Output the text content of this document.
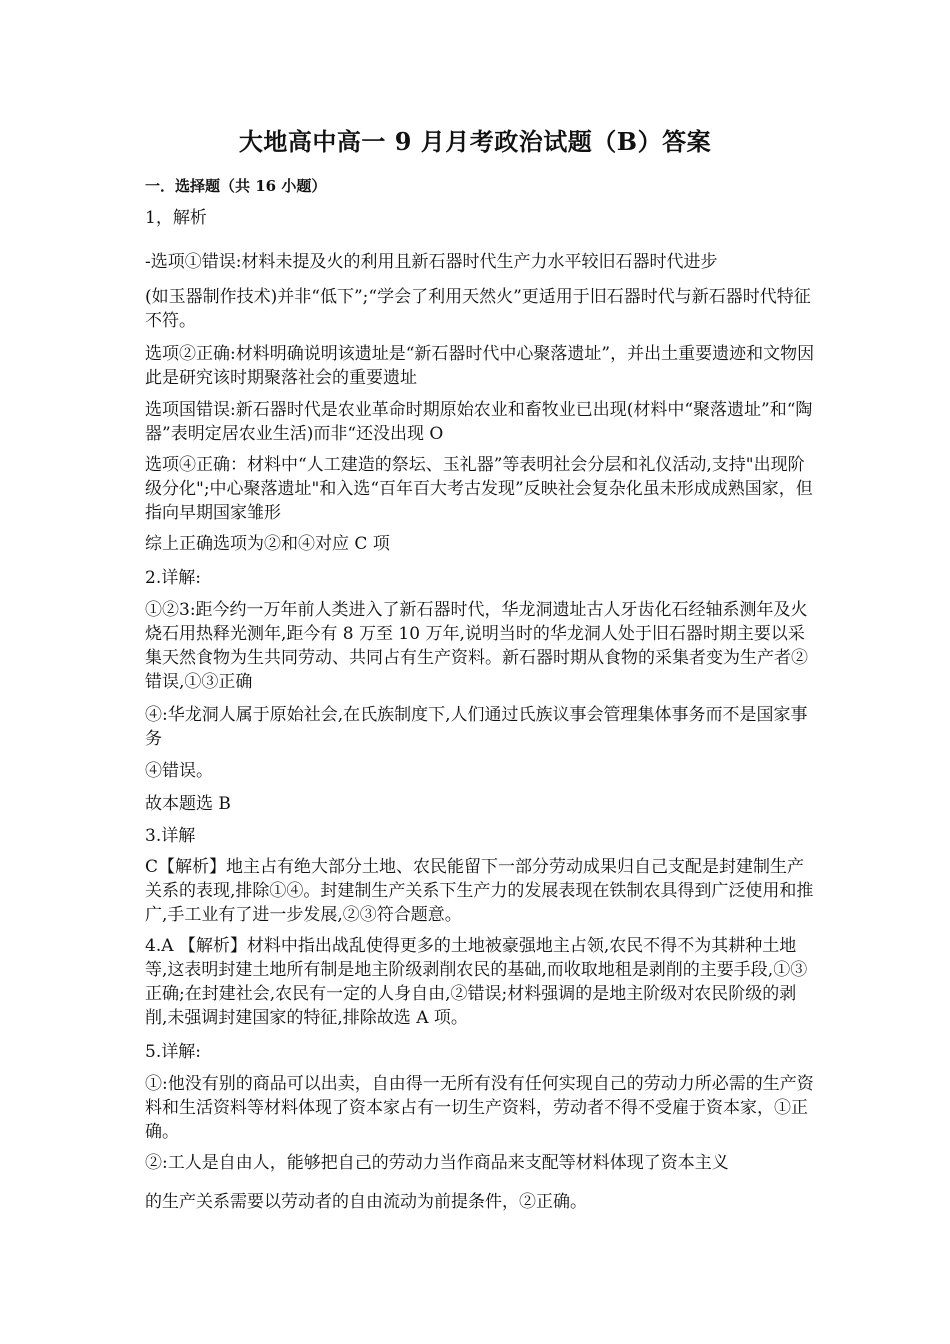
大地高中高一 9 月月考政治试题（B）答案
一．选择题（共 16 小题）

1，解析

-选项①错误:材料未提及火的利用且新石器时代生产力水平较旧石器时代进步

(如玉器制作技术)并非“低下”;“学会了利用天然火”更适用于旧石器时代与新石器时代特征不符。

选项②正确:材料明确说明该遗址是“新石器时代中心聚落遗址”，并出土重要遗迹和文物因此是研究该时期聚落社会的重要遗址

选项国错误:新石器时代是农业革命时期原始农业和畜牧业已出现(材料中“聚落遗址”和“陶器”表明定居农业生活)而非“还没出现 O

选项④正确：材料中“人工建造的祭坛、玉礼器”等表明社会分层和礼仪活动,支持"出现阶级分化";中心聚落遗址"和入选“百年百大考古发现”反映社会复杂化虽未形成成熟国家，但指向早期国家雏形

综上正确选项为②和④对应 C 项

2.详解:

①②3:距今约一万年前人类进入了新石器时代，华龙洞遗址古人牙齿化石经轴系测年及火烧石用热释光测年,距今有 8 万至 10 万年,说明当时的华龙洞人处于旧石器时期主要以采集天然食物为生共同劳动、共同占有生产资料。新石器时期从食物的采集者变为生产者②错误,①③正确

④:华龙洞人属于原始社会,在氏族制度下,人们通过氏族议事会管理集体事务而不是国家事务

④错误。

故本题选 B

3.详解

C【解析】地主占有绝大部分土地、农民能留下一部分劳动成果归自己支配是封建制生产关系的表现,排除①④。封建制生产关系下生产力的发展表现在铁制农具得到广泛使用和推广,手工业有了进一步发展,②③符合题意。

4.A 【解析】材料中指出战乱使得更多的土地被豪强地主占领,农民不得不为其耕种土地等,这表明封建土地所有制是地主阶级剥削农民的基础,而收取地租是剥削的主要手段,①③正确;在封建社会,农民有一定的人身自由,②错误;材料强调的是地主阶级对农民阶级的剥削,未强调封建国家的特征,排除故选 A 项。

5.详解:

①:他没有别的商品可以出卖，自由得一无所有没有任何实现自己的劳动力所必需的生产资料和生活资料等材料体现了资本家占有一切生产资料，劳动者不得不受雇于资本家，①正确。

②:工人是自由人，能够把自己的劳动力当作商品来支配等材料体现了资本主义

的生产关系需要以劳动者的自由流动为前提条件，②正确。
